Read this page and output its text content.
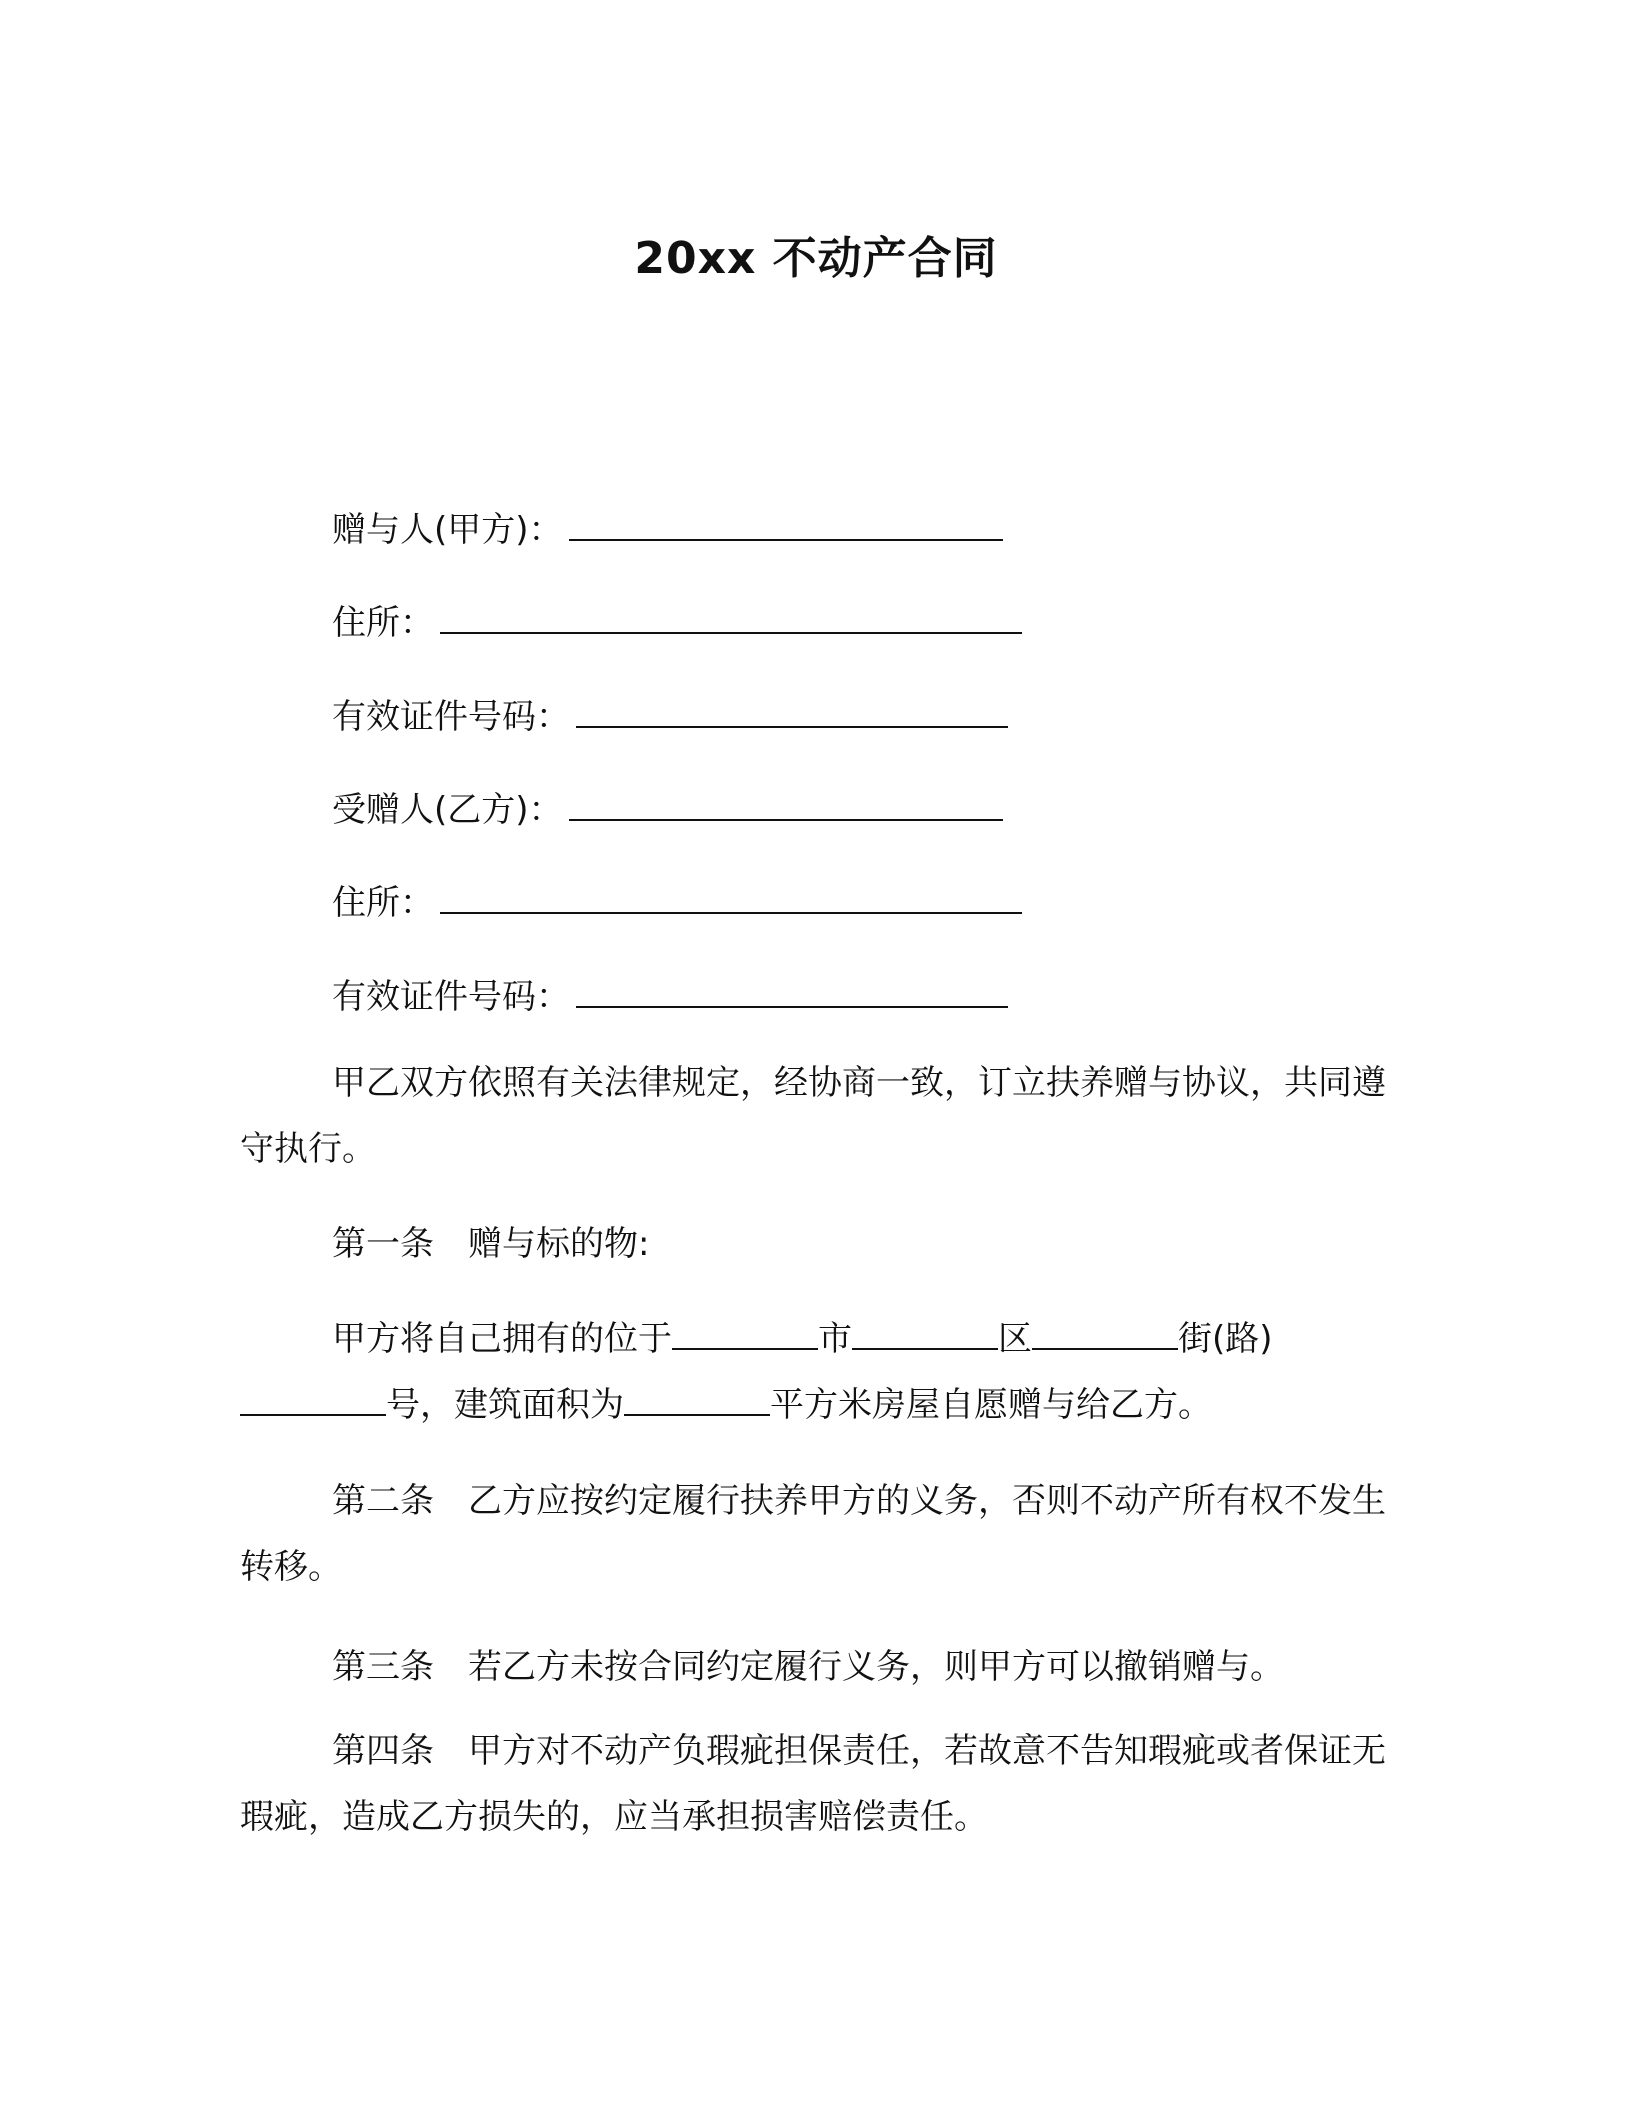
20xx 不动产合同
赠与人(甲方)：
住所：
有效证件号码：
受赠人(乙方)：
住所：
有效证件号码：
甲乙双方依照有关法律规定，经协商一致，订立扶养赠与协议，共同遵守执行。
第一条 赠与标的物:
甲方将自己拥有的位于	市	区	街(路)
号，建筑面积为	平方米房屋自愿赠与给乙方。
第二条 乙方应按约定履行扶养甲方的义务，否则不动产所有权不发生转移。
第三条 若乙方未按合同约定履行义务，则甲方可以撤销赠与。
第四条 甲方对不动产负瑕疵担保责任，若故意不告知瑕疵或者保证无瑕疵，造成乙方损失的，应当承担损害赔偿责任。
